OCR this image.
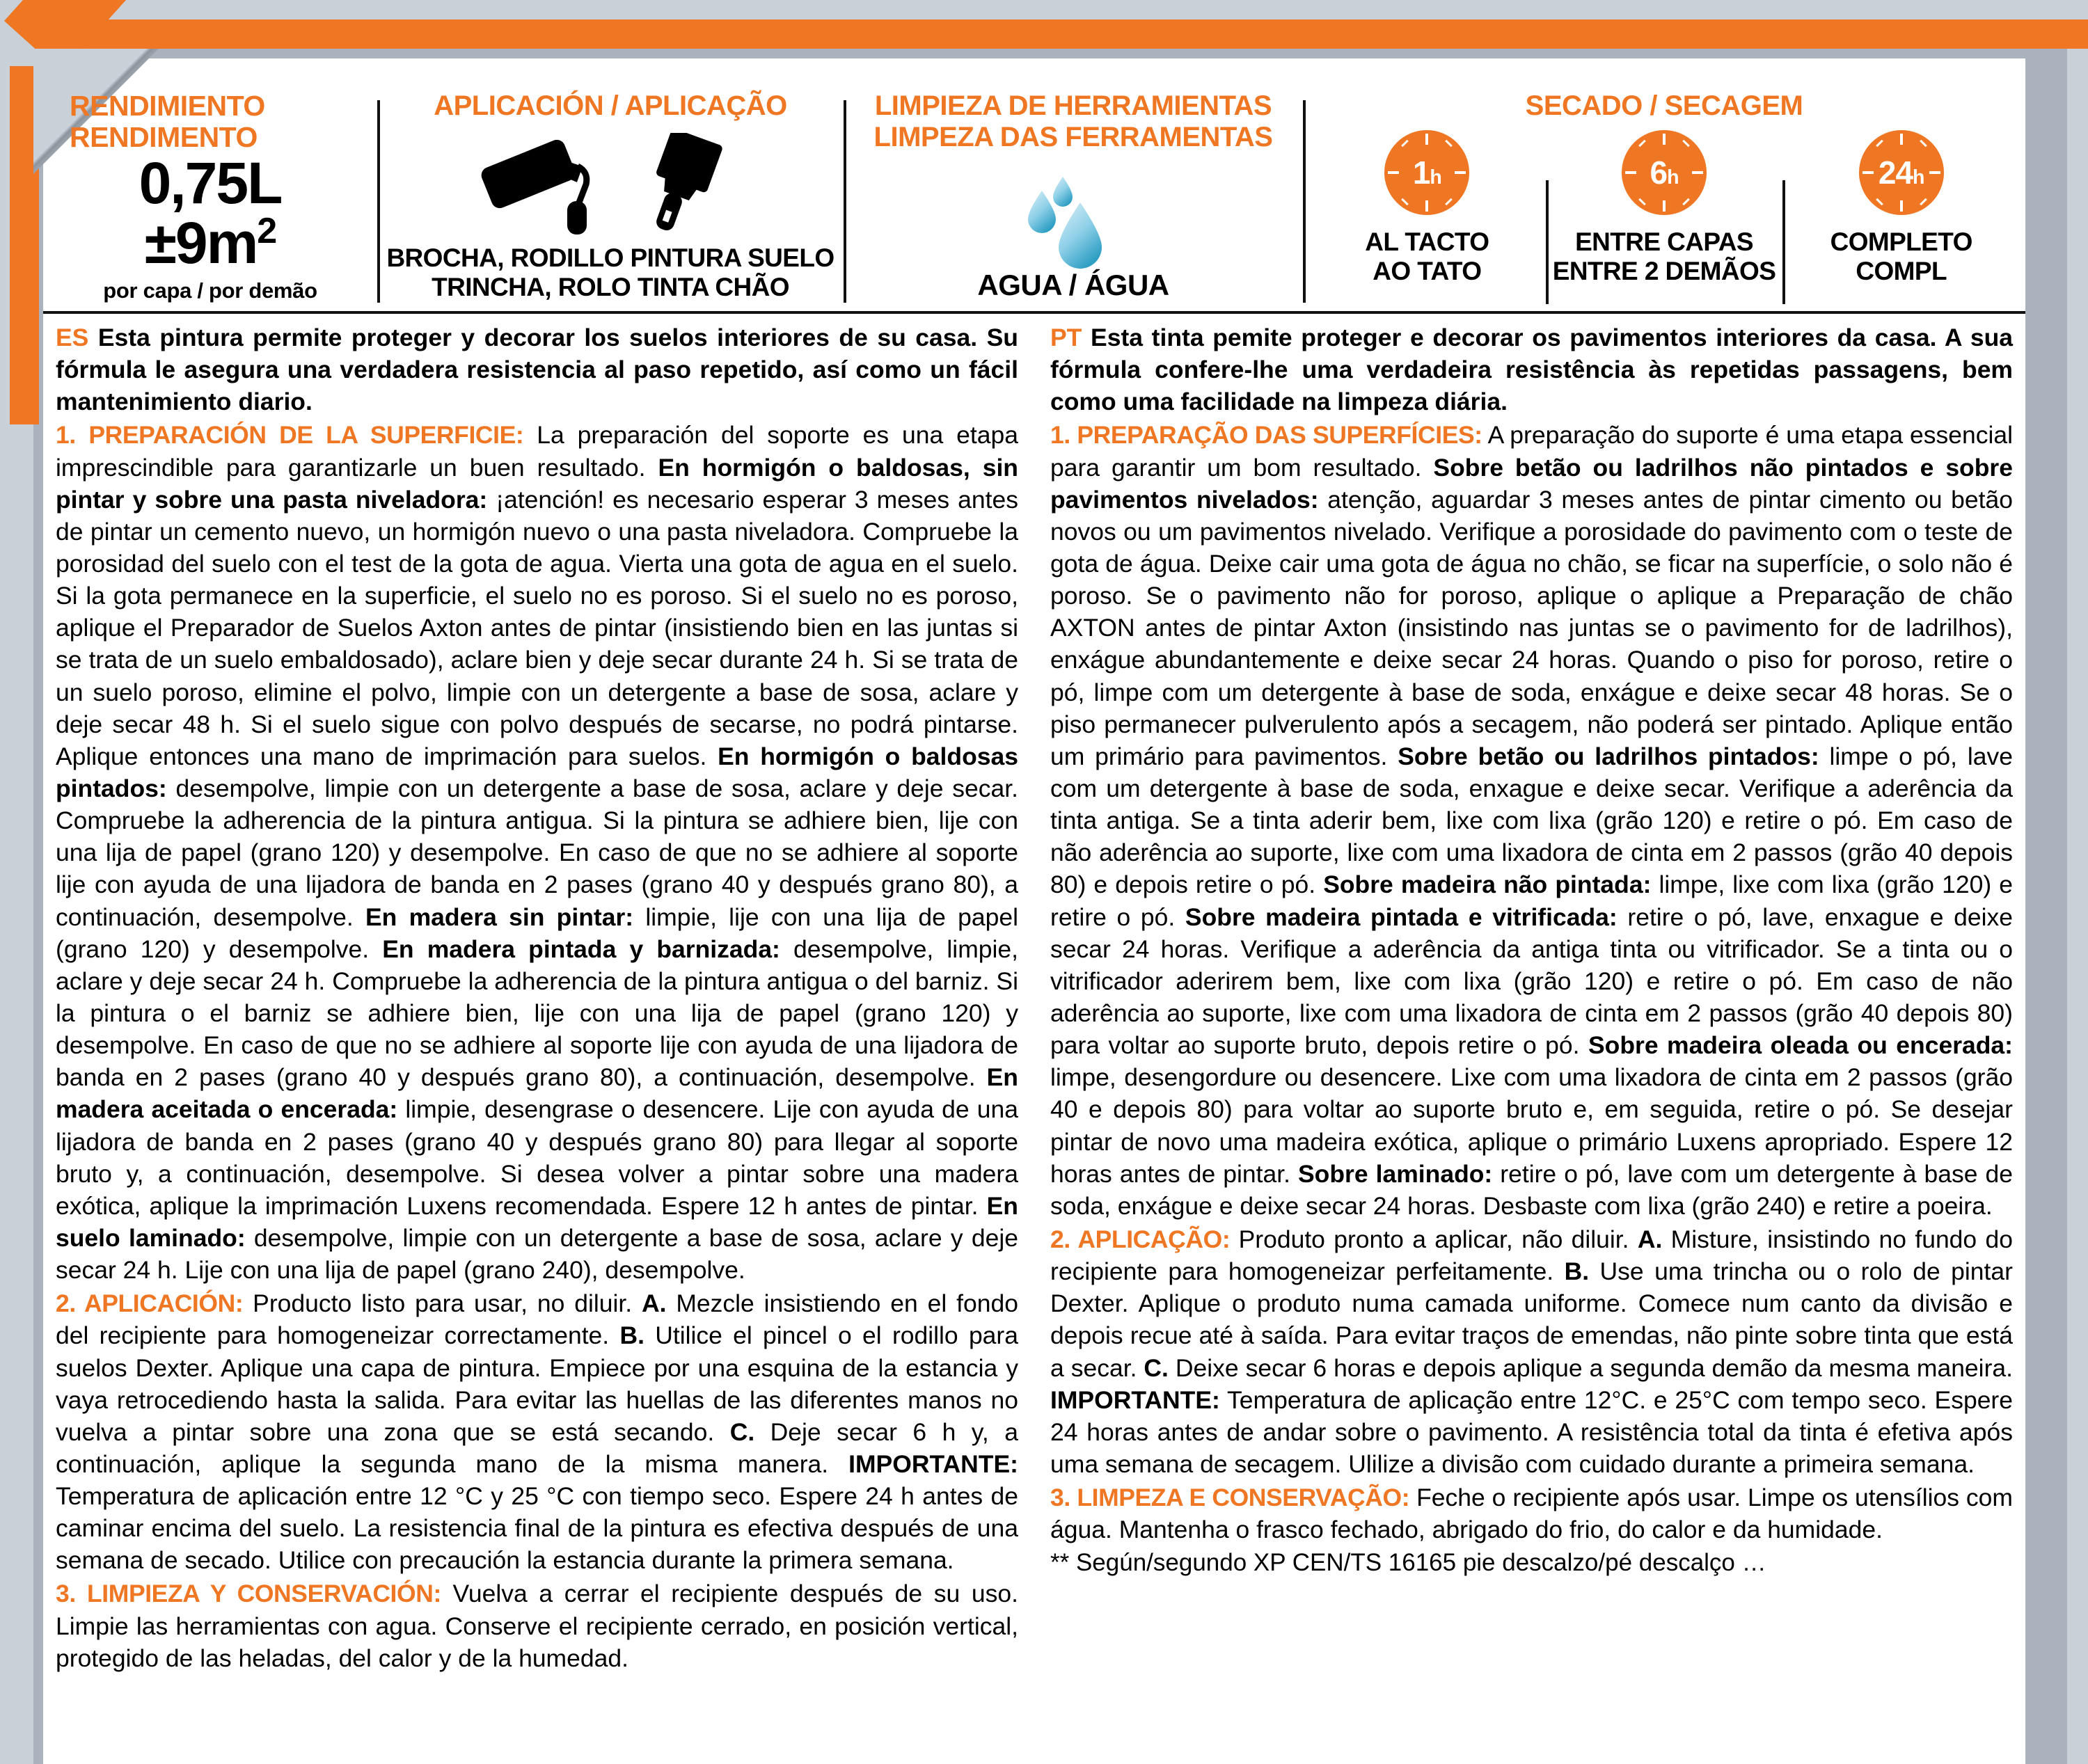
RENDIMIENTO
RENDIMENTO
0,75L
$\pm 9m^2$
por capa / por demão
APLICACIÓN / APLICAÇÃO
BROCHA, RODILLO PINTURA SUELO
TRINCHA, ROLO TINTA CHÃO
LIMPIEZA DE HERRAMIENTAS
LIMPEZA DAS FERRAMENTAS
AGUA / ÁGUA
SECADO / SECAGEM
1h
AL TACTO
AO TATO
6h
ENTRE CAPAS
ENTRE 2 DEMÃOS
24h
COMPLETO
COMPL

ES Esta pintura permite proteger y decorar los suelos interiores de su casa. Su fórmula le asegura una verdadera resistencia al paso repetido, así como un fácil mantenimiento diario.

1. PREPARACIÓN DE LA SUPERFICIE: La preparación del soporte es una etapa imprescindible para garantizarle un buen resultado. En hormigón o baldosas, sin pintar y sobre una pasta niveladora: ¡atención! es necesario esperar 3 meses antes de pintar un cemento nuevo, un hormigón nuevo o una pasta niveladora. Compruebe la porosidad del suelo con el test de la gota de agua. Vierta una gota de agua en el suelo. Si la gota permanece en la superficie, el suelo no es poroso. Si el suelo no es poroso, aplique el Preparador de Suelos Axton antes de pintar (insistiendo bien en las juntas si se trata de un suelo embaldosado), aclare bien y deje secar durante 24 h. Si se trata de un suelo poroso, elimine el polvo, limpie con un detergente a base de sosa, aclare y deje secar 48 h. Si el suelo sigue con polvo después de secarse, no podrá pintarse. Aplique entonces una mano de imprimación para suelos. En hormigón o baldosas pintados: desempolve, limpie con un detergente a base de sosa, aclare y deje secar. Compruebe la adherencia de la pintura antigua. Si la pintura se adhiere bien, lije con una lija de papel (grano 120) y desempolve. En caso de que no se adhiere al soporte lije con ayuda de una lijadora de banda en 2 pases (grano 40 y después grano 80), a continuación, desempolve. En madera sin pintar: limpie, lije con una lija de papel (grano 120) y desempolve. En madera pintada y barnizada: desempolve, limpie, aclare y deje secar 24 h. Compruebe la adherencia de la pintura antigua o del barniz. Si la pintura o el barniz se adhiere bien, lije con una lija de papel (grano 120) y desempolve. En caso de que no se adhiere al soporte lije con ayuda de una lijadora de banda en 2 pases (grano 40 y después grano 80), a continuación, desempolve. En madera aceitada o encerada: limpie, desengrase o desencere. Lije con ayuda de una lijadora de banda en 2 pases (grano 40 y después grano 80) para llegar al soporte bruto y, a continuación, desempolve. Si desea volver a pintar sobre una madera exótica, aplique la imprimación Luxens recomendada. Espere 12 h antes de pintar. En suelo laminado: desempolve, limpie con un detergente a base de sosa, aclare y deje secar 24 h. Lije con una lija de papel (grano 240), desempolve.

2. APLICACIÓN: Producto listo para usar, no diluir. A. Mezcle insistiendo en el fondo del recipiente para homogeneizar correctamente. B. Utilice el pincel o el rodillo para suelos Dexter. Aplique una capa de pintura. Empiece por una esquina de la estancia y vaya retrocediendo hasta la salida. Para evitar las huellas de las diferentes manos no vuelva a pintar sobre una zona que se está secando. C. Deje secar 6 h y, a continuación, aplique la segunda mano de la misma manera. IMPORTANTE: Temperatura de aplicación entre 12 °C y 25 °C con tiempo seco. Espere 24 h antes de caminar encima del suelo. La resistencia final de la pintura es efectiva después de una semana de secado. Utilice con precaución la estancia durante la primera semana.

3. LIMPIEZA Y CONSERVACIÓN: Vuelva a cerrar el recipiente después de su uso. Limpie las herramientas con agua. Conserve el recipiente cerrado, en posición vertical, protegido de las heladas, del calor y de la humedad.

PT Esta tinta pemite proteger e decorar os pavimentos interiores da casa. A sua fórmula confere-lhe uma verdadeira resistência às repetidas passagens, bem como uma facilidade na limpeza diária.

1. PREPARAÇÃO DAS SUPERFÍCIES: A preparação do suporte é uma etapa essencial para garantir um bom resultado. Sobre betão ou ladrilhos não pintados e sobre pavimentos nivelados: atenção, aguardar 3 meses antes de pintar cimento ou betão novos ou um pavimentos nivelado. Verifique a porosidade do pavimento com o teste de gota de água. Deixe cair uma gota de água no chão, se ficar na superfície, o solo não é poroso. Se o pavimento não for poroso, aplique o aplique a Preparação de chão AXTON antes de pintar Axton (insistindo nas juntas se o pavimento for de ladrilhos), enxágue abundantemente e deixe secar 24 horas. Quando o piso for poroso, retire o pó, limpe com um detergente à base de soda, enxágue e deixe secar 48 horas. Se o piso permanecer pulverulento após a secagem, não poderá ser pintado. Aplique então um primário para pavimentos. Sobre betão ou ladrilhos pintados: limpe o pó, lave com um detergente à base de soda, enxague e deixe secar. Verifique a aderência da tinta antiga. Se a tinta aderir bem, lixe com lixa (grão 120) e retire o pó. Em caso de não aderência ao suporte, lixe com uma lixadora de cinta em 2 passos (grão 40 depois 80) e depois retire o pó. Sobre madeira não pintada: limpe, lixe com lixa (grão 120) e retire o pó. Sobre madeira pintada e vitrificada: retire o pó, lave, enxague e deixe secar 24 horas. Verifique a aderência da antiga tinta ou vitrificador. Se a tinta ou o vitrificador aderirem bem, lixe com lixa (grão 120) e retire o pó. Em caso de não aderência ao suporte, lixe com uma lixadora de cinta em 2 passos (grão 40 depois 80) para voltar ao suporte bruto, depois retire o pó. Sobre madeira oleada ou encerada: limpe, desengordure ou desencere. Lixe com uma lixadora de cinta em 2 passos (grão 40 e depois 80) para voltar ao suporte bruto e, em seguida, retire o pó. Se desejar pintar de novo uma madeira exótica, aplique o primário Luxens apropriado. Espere 12 horas antes de pintar. Sobre laminado: retire o pó, lave com um detergente à base de soda, enxágue e deixe secar 24 horas. Desbaste com lixa (grão 240) e retire a poeira.

2. APLICAÇÃO: Produto pronto a aplicar, não diluir. A. Misture, insistindo no fundo do recipiente para homogeneizar perfeitamente. B. Use uma trincha ou o rolo de pintar Dexter. Aplique o produto numa camada uniforme. Comece num canto da divisão e depois recue até à saída. Para evitar traços de emendas, não pinte sobre tinta que está a secar. C. Deixe secar 6 horas e depois aplique a segunda demão da mesma maneira. IMPORTANTE: Temperatura de aplicação entre 12°C. e 25°C com tempo seco. Espere 24 horas antes de andar sobre o pavimento. A resistência total da tinta é efetiva após uma semana de secagem. Ulilize a divisão com cuidado durante a primeira semana.

3. LIMPEZA E CONSERVAÇÃO: Feche o recipiente após usar. Limpe os utensílios com água. Mantenha o frasco fechado, abrigado do frio, do calor e da humidade.

** Según/segundo XP CEN/TS 16165 pie descalzo/pé descalço …
